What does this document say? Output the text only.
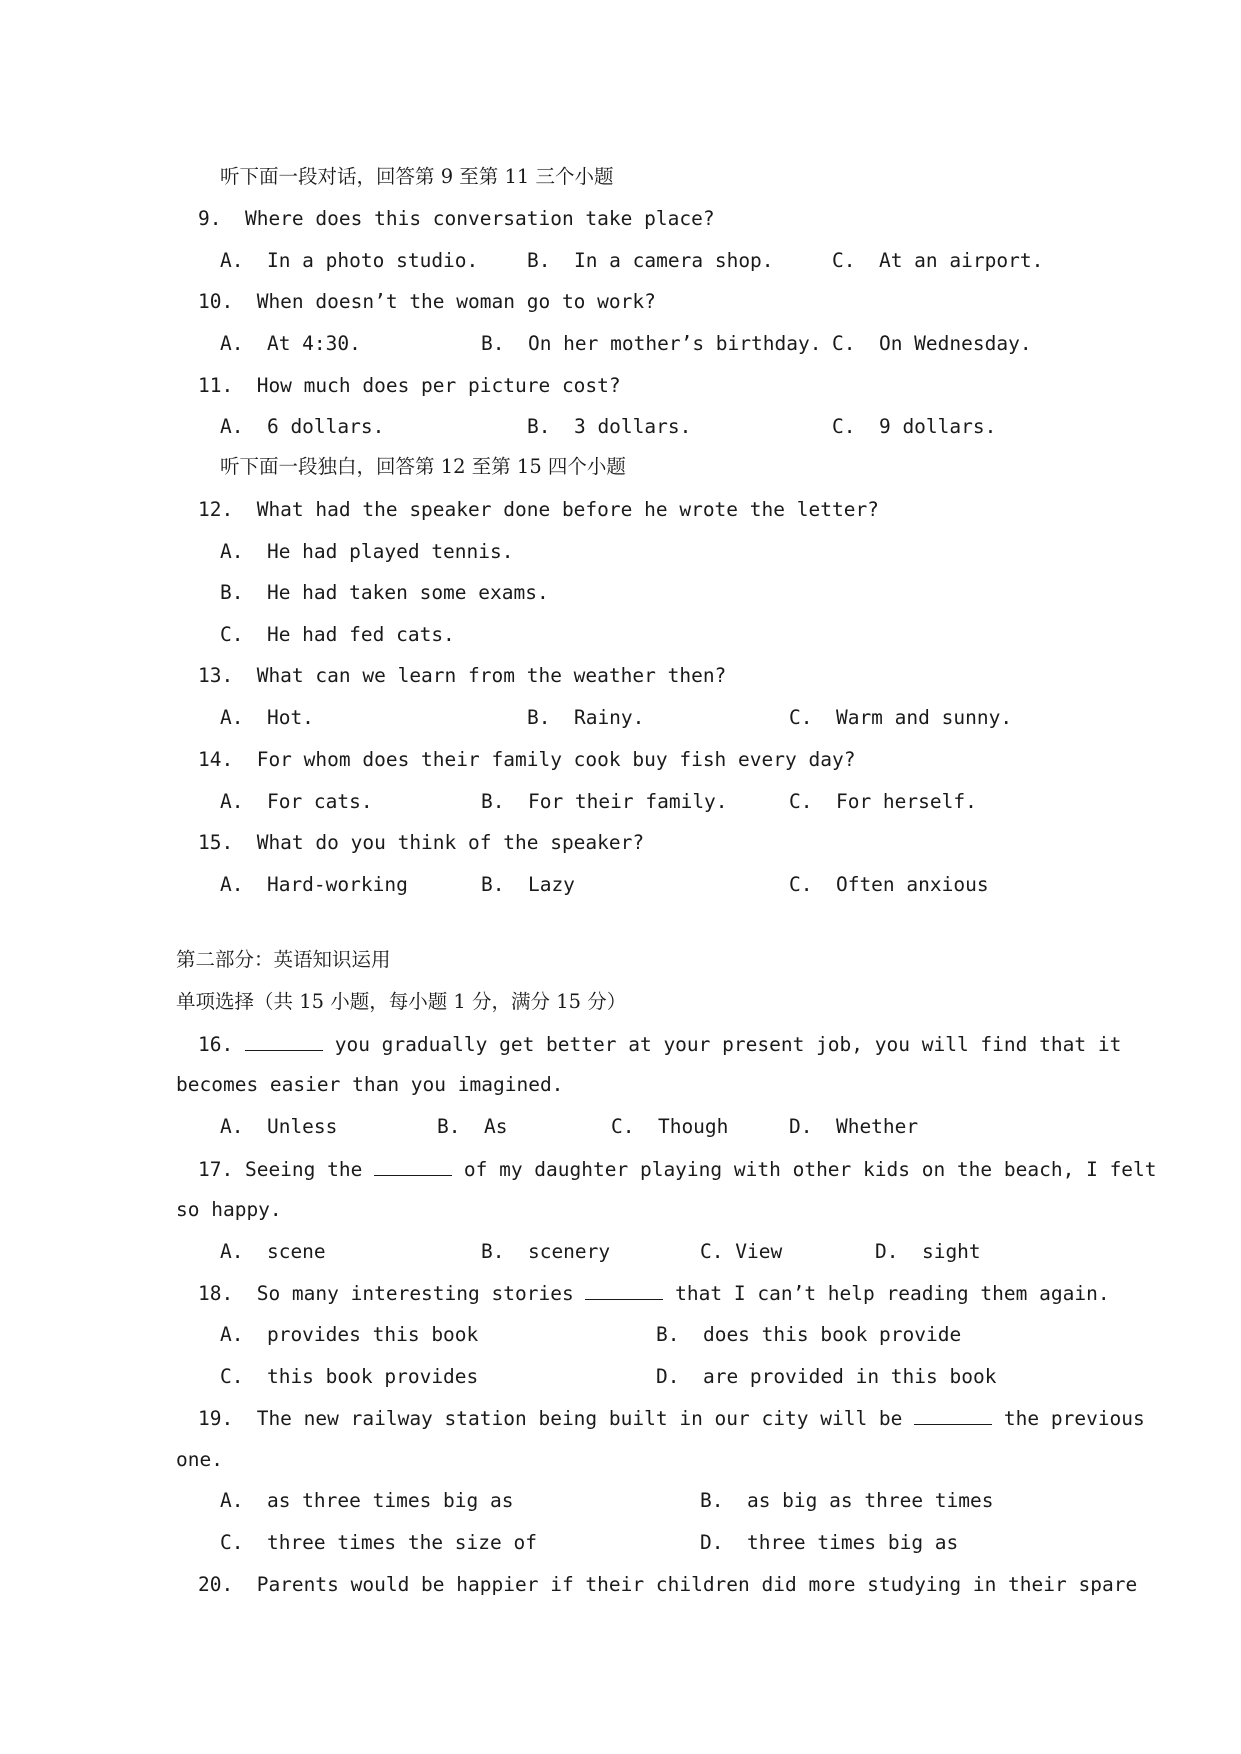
听下面一段对话，回答第 9 至第 11 三个小题
9.  Where does this conversation take place?
A.  In a photo studio. B.  In a camera shop.	C.  At an airport.
10.  When doesn’t the woman go to work?
A.  At 4:30.	B.  On her mother’s birthday. C.  On Wednesday.
11.  How much does per picture cost?
A.  6 dollars.	B.  3 dollars.	C.  9 dollars.
听下面一段独白，回答第 12 至第 15 四个小题
12.  What had the speaker done before he wrote the letter?
A.  He had played tennis.
B.  He had taken some exams.
C.  He had fed cats.
13.  What can we learn from the weather then?
A.  Hot.	B.  Rainy.	C.  Warm and sunny.
14.  For whom does their family cook buy fish every day?
A.  For cats.	B.  For their family.	C.  For herself.
15.  What do you think of the speaker?
A.  Hard-working	B.  Lazy	C.  Often anxious
第二部分：英语知识运用
单项选择（共 15 小题，每小题 1 分，满分 15 分）
16.	you gradually get better at your present job, you will find that it
becomes easier than you imagined.
A.  Unless	B.  As	C.  Though	D.  Whether
17. Seeing the	of my daughter playing with other kids on the beach, I felt
so happy.
A.  scene	B.  scenery	C. View	D.  sight
18.  So many interesting stories	that I can’t help reading them again.
A.  provides this book	B.  does this book provide
C.  this book provides	D.  are provided in this book
19.  The new railway station being built in our city will be	the previous
one.
A.  as three times big as	B.  as big as three times
C.  three times the size of	D.  three times big as
20.  Parents would be happier if their children did more studying in their spare
